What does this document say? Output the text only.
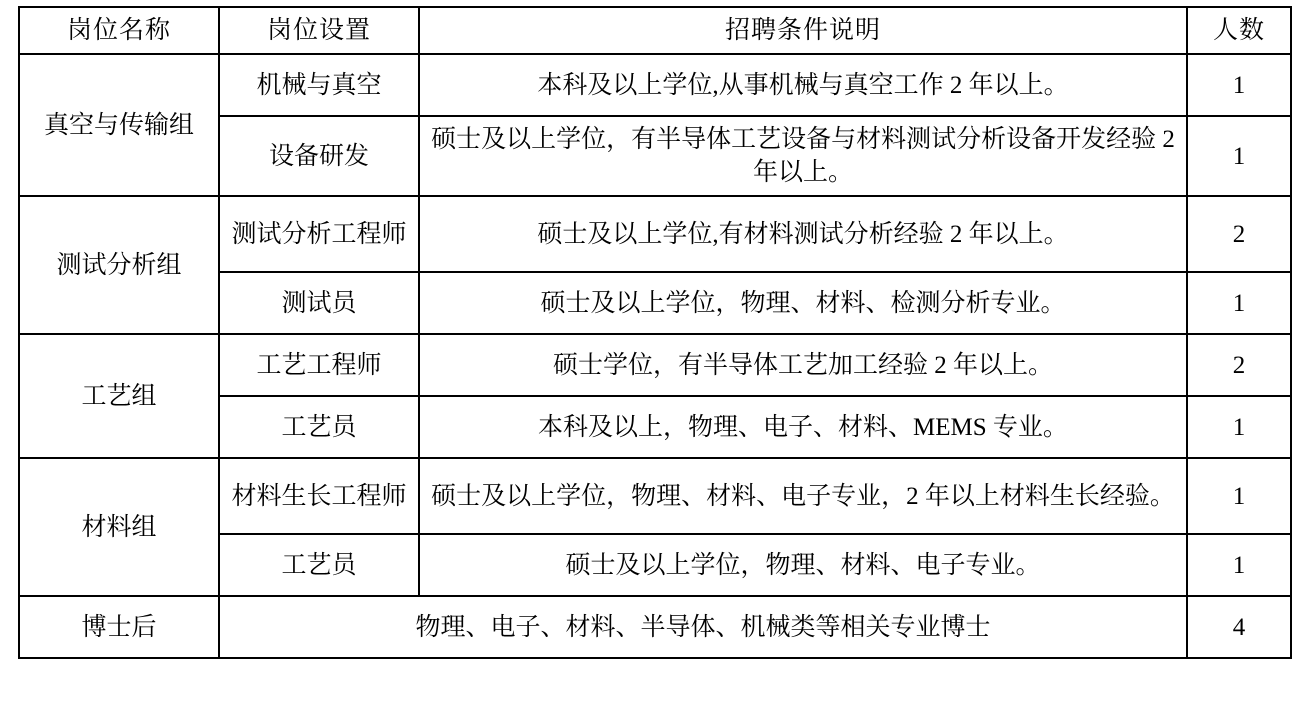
岗位名称	岗位设置	招聘条件说明	人数
真空与传输组	机械与真空	本科及以上学位,从事机械与真空工作 2 年以上。	1
	设备研发	硕士及以上学位，有半导体工艺设备与材料测试分析设备开发经验 2 年以上。	1
测试分析组	测试分析工程师	硕士及以上学位,有材料测试分析经验 2 年以上。	2
	测试员	硕士及以上学位，物理、材料、检测分析专业。	1
工艺组	工艺工程师	硕士学位，有半导体工艺加工经验 2 年以上。	2
	工艺员	本科及以上，物理、电子、材料、MEMS 专业。	1
材料组	材料生长工程师	硕士及以上学位，物理、材料、电子专业，2 年以上材料生长经验。	1
	工艺员	硕士及以上学位，物理、材料、电子专业。	1
博士后	物理、电子、材料、半导体、机械类等相关专业博士		4
